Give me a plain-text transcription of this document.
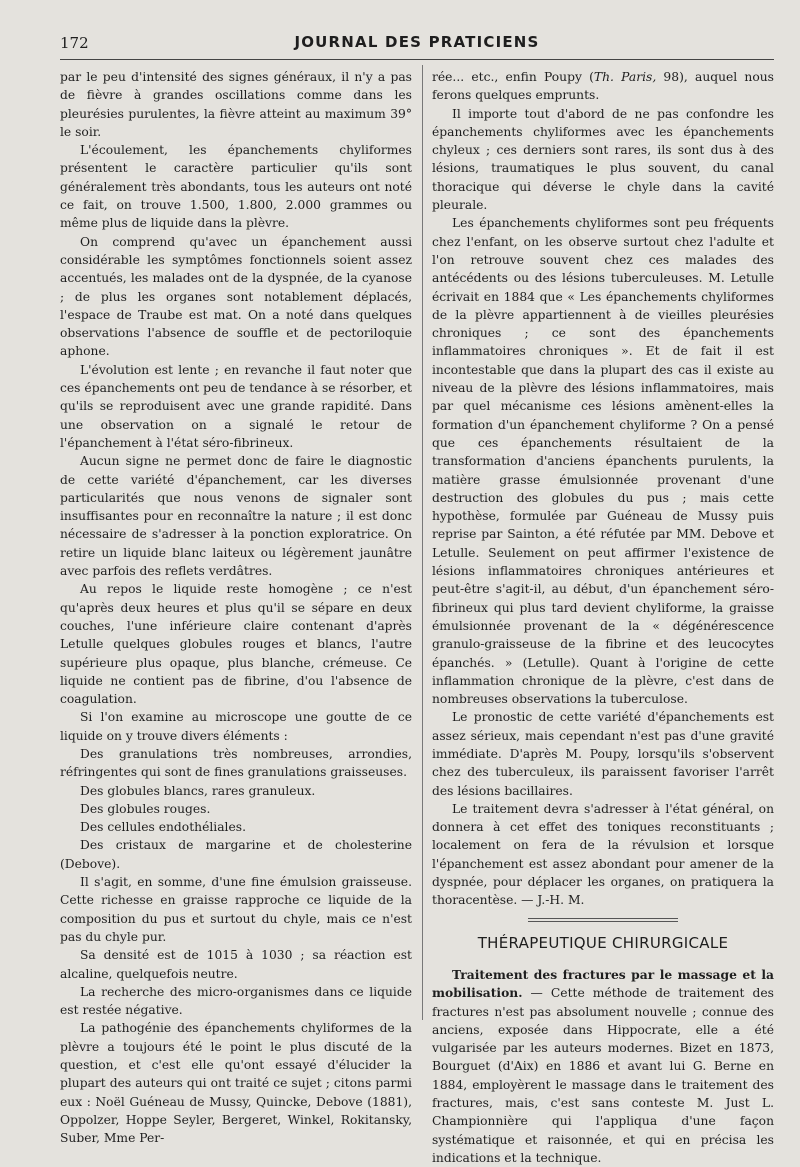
172	JOURNAL DES PRATICIENS

par le peu d'intensité des signes généraux, il n'y a pas de fièvre à grandes oscillations comme dans les pleurésies purulentes, la fièvre atteint au maximum 39° le soir.

L'écoulement, les épanchements chyliformes présentent le caractère particulier qu'ils sont généralement très abondants, tous les auteurs ont noté ce fait, on trouve 1.500, 1.800, 2.000 grammes ou même plus de liquide dans la plèvre.

On comprend qu'avec un épanchement aussi considérable les symptômes fonctionnels soient assez accentués, les malades ont de la dyspnée, de la cyanose ; de plus les organes sont notablement déplacés, l'espace de Traube est mat. On a noté dans quelques observations l'absence de souffle et de pectoriloquie aphone.

L'évolution est lente ; en revanche il faut noter que ces épanchements ont peu de tendance à se résorber, et qu'ils se reproduisent avec une grande rapidité. Dans une observation on a signalé le retour de l'épanchement à l'état séro-fibrineux.

Aucun signe ne permet donc de faire le diagnostic de cette variété d'épanchement, car les diverses particularités que nous venons de signaler sont insuffisantes pour en reconnaître la nature ; il est donc nécessaire de s'adresser à la ponction exploratrice. On retire un liquide blanc laiteux ou légèrement jaunâtre avec parfois des reflets verdâtres.

Au repos le liquide reste homogène ; ce n'est qu'après deux heures et plus qu'il se sépare en deux couches, l'une inférieure claire contenant d'après Letulle quelques globules rouges et blancs, l'autre supérieure plus opaque, plus blanche, crémeuse. Ce liquide ne contient pas de fibrine, d'ou l'absence de coagulation.

Si l'on examine au microscope une goutte de ce liquide on y trouve divers éléments :

Des granulations très nombreuses, arrondies, réfringentes qui sont de fines granulations graisseuses.

Des globules blancs, rares granuleux.

Des globules rouges.

Des cellules endothéliales.

Des cristaux de margarine et de cholesterine (Debove).

Il s'agit, en somme, d'une fine émulsion graisseuse. Cette richesse en graisse rapproche ce liquide de la composition du pus et surtout du chyle, mais ce n'est pas du chyle pur.

Sa densité est de 1015 à 1030 ; sa réaction est alcaline, quelquefois neutre.

La recherche des micro-organismes dans ce liquide est restée négative.

La pathogénie des épanchements chyliformes de la plèvre a toujours été le point le plus discuté de la question, et c'est elle qu'ont essayé d'élucider la plupart des auteurs qui ont traité ce sujet ; citons parmi eux : Noël Guéneau de Mussy, Quincke, Debove (1881), Oppolzer, Hoppe Seyler, Bergeret, Winkel, Rokitansky, Suber, Mme Per-

rée... etc., enfin Poupy (Th. Paris, 98), auquel nous ferons quelques emprunts.

Il importe tout d'abord de ne pas confondre les épanchements chyliformes avec les épanchements chyleux ; ces derniers sont rares, ils sont dus à des lésions, traumatiques le plus souvent, du canal thoracique qui déverse le chyle dans la cavité pleurale.

Les épanchements chyliformes sont peu fréquents chez l'enfant, on les observe surtout chez l'adulte et l'on retrouve souvent chez ces malades des antécédents ou des lésions tuberculeuses. M. Letulle écrivait en 1884 que « Les épanchements chyliformes de la plèvre appartiennent à de vieilles pleurésies chroniques ; ce sont des épanchements inflammatoires chroniques ». Et de fait il est incontestable que dans la plupart des cas il existe au niveau de la plèvre des lésions inflammatoires, mais par quel mécanisme ces lésions amènent-elles la formation d'un épanchement chyliforme ? On a pensé que ces épanchements résultaient de la transformation d'anciens épanchents purulents, la matière grasse émulsionnée provenant d'une destruction des globules du pus ; mais cette hypothèse, formulée par Guéneau de Mussy puis reprise par Sainton, a été réfutée par MM. Debove et Letulle. Seulement on peut affirmer l'existence de lésions inflammatoires chroniques antérieures et peut-être s'agit-il, au début, d'un épanchement séro-fibrineux qui plus tard devient chyliforme, la graisse émulsionnée provenant de la « dégénérescence granulo-graisseuse de la fibrine et des leucocytes épanchés. » (Letulle). Quant à l'origine de cette inflammation chronique de la plèvre, c'est dans de nombreuses observations la tuberculose.

Le pronostic de cette variété d'épanchements est assez sérieux, mais cependant n'est pas d'une gravité immédiate. D'après M. Poupy, lorsqu'ils s'observent chez des tuberculeux, ils paraissent favoriser l'arrêt des lésions bacillaires.

Le traitement devra s'adresser à l'état général, on donnera à cet effet des toniques reconstituants ; localement on fera de la révulsion et lorsque l'épanchement est assez abondant pour amener de la dyspnée, pour déplacer les organes, on pratiquera la thoracentèse. — J.-H. M.

THÉRAPEUTIQUE CHIRURGICALE

Traitement des fractures par le massage et la mobilisation. — Cette méthode de traitement des fractures n'est pas absolument nouvelle ; connue des anciens, exposée dans Hippocrate, elle a été vulgarisée par les auteurs modernes. Bizet en 1873, Bourguet (d'Aix) en 1886 et avant lui G. Berne en 1884, employèrent le massage dans le traitement des fractures, mais, c'est sans conteste M. Just L. Championnière qui l'appliqua d'une façon systématique et raisonnée, et qui en précisa les indications et la technique.
